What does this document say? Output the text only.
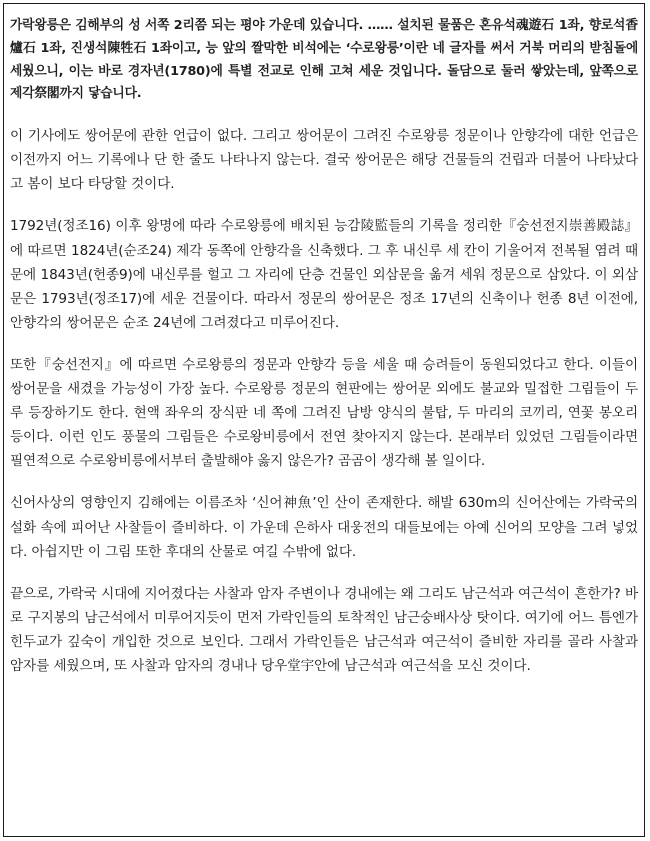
가락왕릉은 김해부의 성 서쪽 2리쯤 되는 평야 가운데 있습니다. …… 설치된 물품은 혼유석魂遊石 1좌, 향로석香爐石 1좌, 진생석陳牲石 1좌이고, 능 앞의 짤막한 비석에는 ‘수로왕릉’이란 네 글자를 써서 거북 머리의 받침돌에 세웠으니, 이는 바로 경자년(1780)에 특별 전교로 인해 고쳐 세운 것입니다. 돌담으로 둘러 쌓았는데, 앞쪽으로 제각祭閣까지 닿습니다.

이 기사에도 쌍어문에 관한 언급이 없다. 그리고 쌍어문이 그려진 수로왕릉 정문이나 안향각에 대한 언급은 이전까지 어느 기록에나 단 한 줄도 나타나지 않는다. 결국 쌍어문은 해당 건물들의 건립과 더불어 나타났다고 봄이 보다 타당할 것이다.

1792년(정조16) 이후 왕명에 따라 수로왕릉에 배치된 능감陵監들의 기록을 정리한『숭선전지崇善殿誌』에 따르면 1824년(순조24) 제각 동쪽에 안향각을 신축했다. 그 후 내신루 세 칸이 기울어져 전복될 염려 때문에 1843년(헌종9)에 내신루를 헐고 그 자리에 단층 건물인 외삼문을 옮겨 세워 정문으로 삼았다. 이 외삼문은 1793년(정조17)에 세운 건물이다. 따라서 정문의 쌍어문은 정조 17년의 신축이나 헌종 8년 이전에, 안향각의 쌍어문은 순조 24년에 그려졌다고 미루어진다.

또한『숭선전지』에 따르면 수로왕릉의 정문과 안향각 등을 세울 때 승려들이 동원되었다고 한다. 이들이 쌍어문을 새겼을 가능성이 가장 높다. 수로왕릉 정문의 현판에는 쌍어문 외에도 불교와 밀접한 그림들이 두루 등장하기도 한다. 현액 좌우의 장식판 네 쪽에 그려진 남방 양식의 불탑, 두 마리의 코끼리, 연꽃 봉오리 등이다. 이런 인도 풍물의 그림들은 수로왕비릉에서 전연 찾아지지 않는다. 본래부터 있었던 그림들이라면 필연적으로 수로왕비릉에서부터 출발해야 옳지 않은가? 곰곰이 생각해 볼 일이다.

신어사상의 영향인지 김해에는 이름조차 ‘신어神魚’인 산이 존재한다. 해발 630m의 신어산에는 가락국의 설화 속에 피어난 사찰들이 즐비하다. 이 가운데 은하사 대웅전의 대들보에는 아예 신어의 모양을 그려 넣었다. 아쉽지만 이 그림 또한 후대의 산물로 여길 수밖에 없다.

끝으로, 가락국 시대에 지어졌다는 사찰과 암자 주변이나 경내에는 왜 그리도 남근석과 여근석이 흔한가? 바로 구지봉의 남근석에서 미루어지듯이 먼저 가락인들의 토착적인 남근숭배사상 탓이다. 여기에 어느 틈엔가 힌두교가 깊숙이 개입한 것으로 보인다. 그래서 가락인들은 남근석과 여근석이 즐비한 자리를 골라 사찰과 암자를 세웠으며, 또 사찰과 암자의 경내나 당우堂宇안에 남근석과 여근석을 모신 것이다.
